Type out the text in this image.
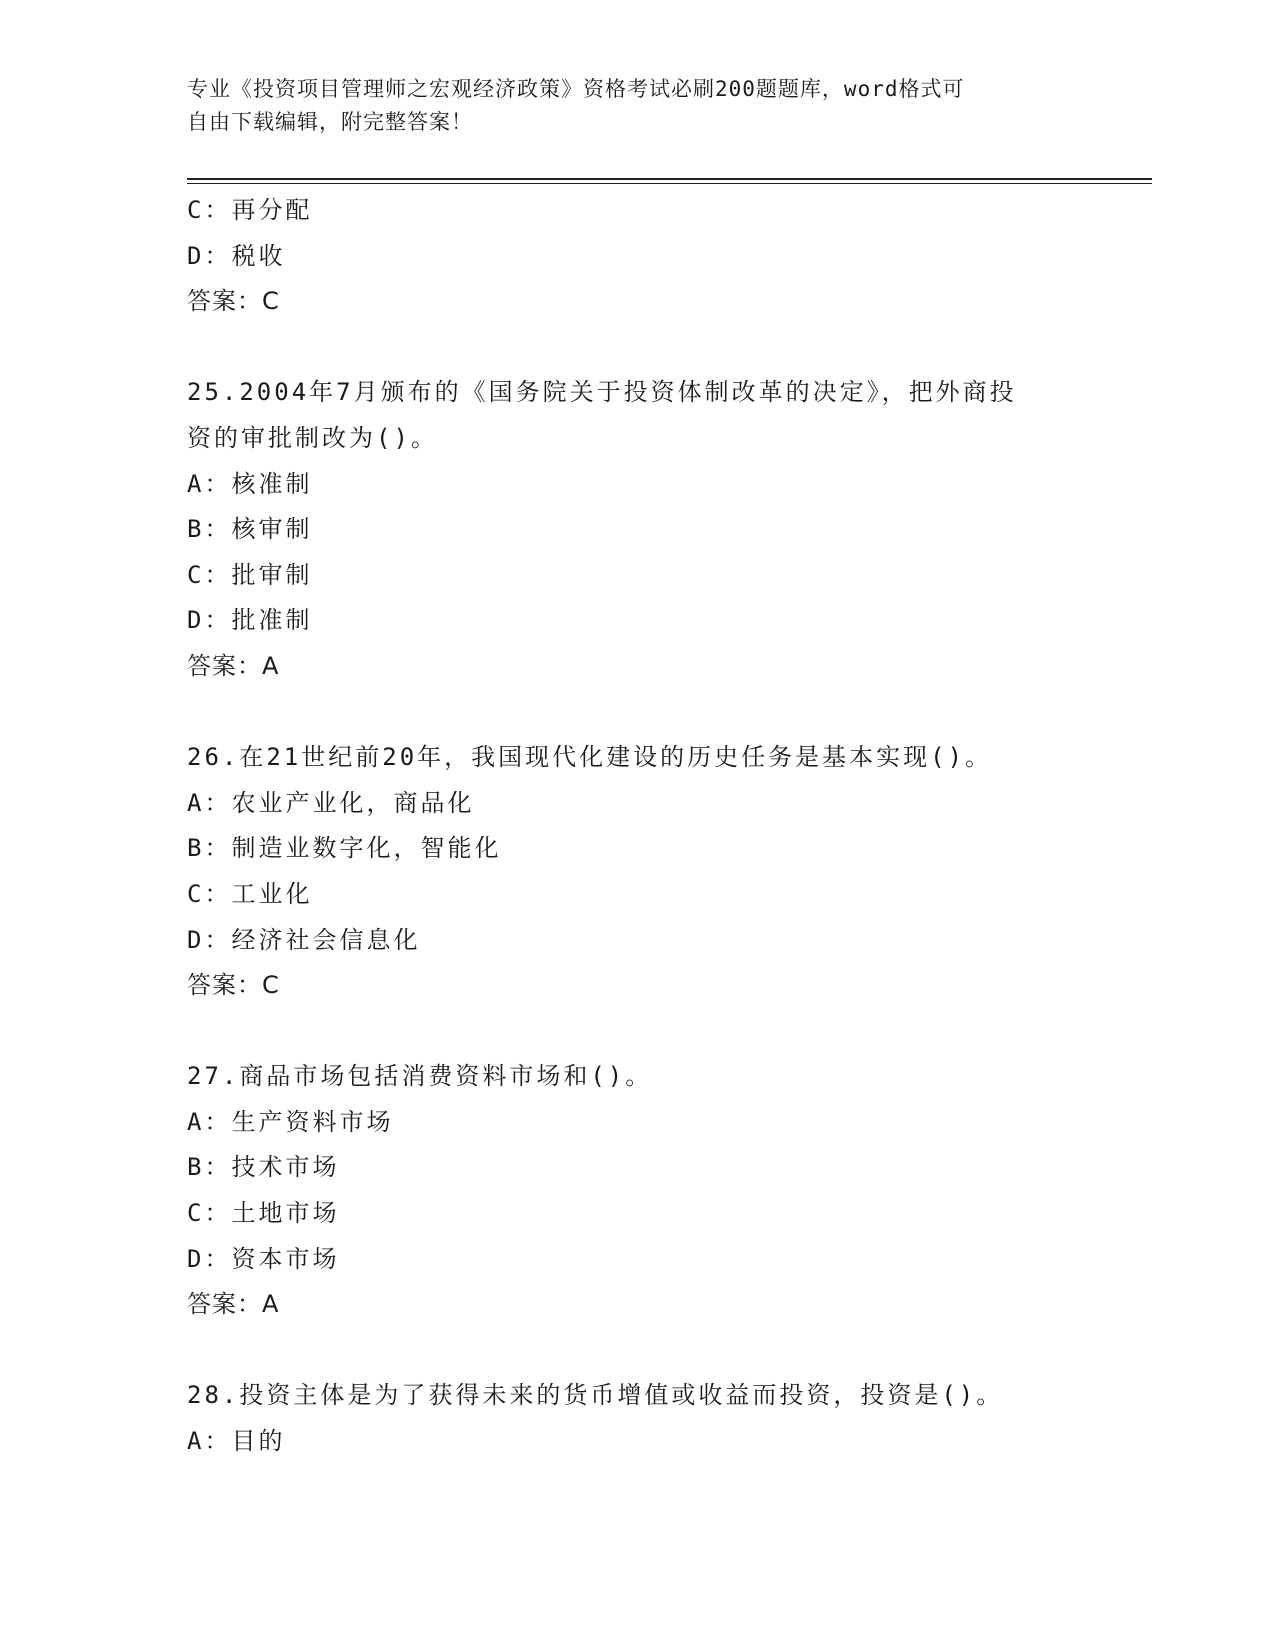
专业《投资项目管理师之宏观经济政策》资格考试必刷200题题库，word格式可
自由下载编辑，附完整答案！
C：再分配
D：税收
答案：C
25.2004年7月颁布的《国务院关于投资体制改革的决定》，把外商投
资的审批制改为()。
A：核准制
B：核审制
C：批审制
D：批准制
答案：A
26.在21世纪前20年，我国现代化建设的历史任务是基本实现()。
A：农业产业化，商品化
B：制造业数字化，智能化
C：工业化
D：经济社会信息化
答案：C
27.商品市场包括消费资料市场和()。
A：生产资料市场
B：技术市场
C：土地市场
D：资本市场
答案：A
28.投资主体是为了获得未来的货币增值或收益而投资，投资是()。
A：目的
